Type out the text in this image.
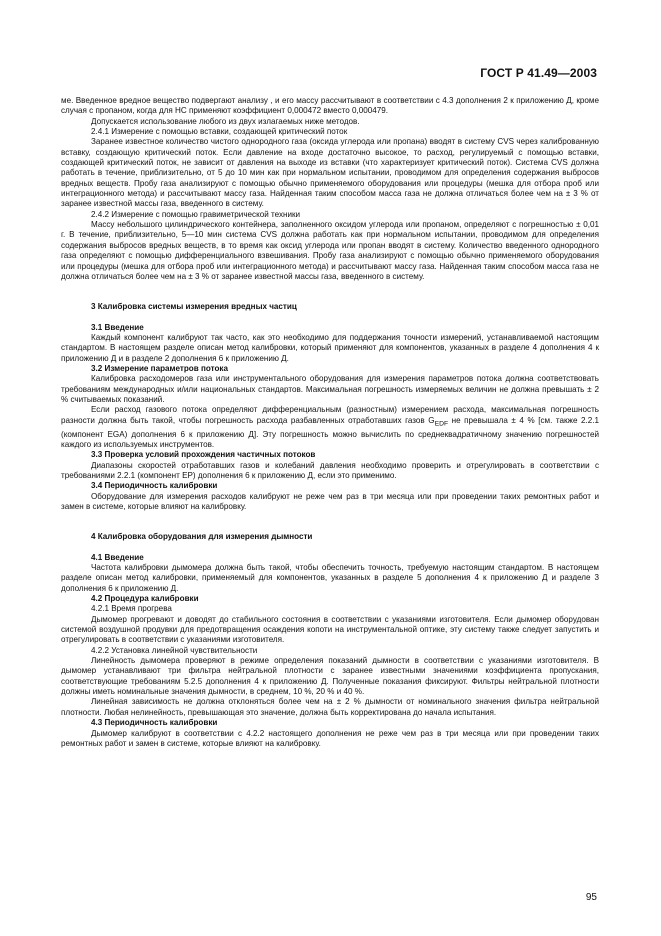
ГОСТ Р 41.49—2003

ме. Введенное вредное вещество подвергают анализу , и его массу рассчитывают в соответствии с 4.3 дополнения 2 к приложению Д, кроме случая с пропаном, когда для НС применяют коэффициент 0,000472 вместо 0,000479.

Допускается использование любого из двух излагаемых ниже методов.

2.4.1 Измерение с помощью вставки, создающей критический поток

Заранее известное количество чистого однородного газа (оксида углерода или пропана) вводят в систему CVS через калиброванную вставку, создающую критический поток. Если давление на входе достаточно высокое, то расход, регулируемый с помощью вставки, создающей критический поток, не зависит от давления на выходе из вставки (что характеризует критический поток). Система CVS должна работать в течение, приблизительно, от 5 до 10 мин как при нормальном испытании, проводимом для определения содержания выбросов вредных веществ. Пробу газа анализируют с помощью обычно применяемого оборудования или процедуры (мешка для отбора проб или интеграционного метода) и рассчитывают массу газа. Найденная таким способом масса газа не должна отличаться более чем на ± 3 % от заранее известной массы газа, введенного в систему.

2.4.2 Измерение с помощью гравиметрической техники

Массу небольшого цилиндрического контейнера, заполненного оксидом углерода или пропаном, определяют с погрешностью ± 0,01 г. В течение, приблизительно, 5—10 мин система CVS должна работать как при нормальном испытании, проводимом для определения содержания выбросов вредных веществ, в то время как оксид углерода или пропан вводят в систему. Количество введенного однородного газа определяют с помощью дифференциального взвешивания. Пробу газа анализируют с помощью обычно применяемого оборудования или процедуры (мешка для отбора проб или интеграционного метода) и рассчитывают массу газа. Найденная таким способом масса газа не должна отличаться более чем на ± 3 % от заранее известной массы газа, введенного в систему.

3 Калибровка системы измерения вредных частиц

3.1 Введение

Каждый компонент калибруют так часто, как это необходимо для поддержания точности измерений, устанавливаемой настоящим стандартом. В настоящем разделе описан метод калибровки, который применяют для компонентов, указанных в разделе 4 дополнения 4 к приложению Д и в разделе 2 дополнения 6 к приложению Д.

3.2 Измерение параметров потока

Калибровка расходомеров газа или инструментального оборудования для измерения параметров потока должна соответствовать требованиям международных и/или национальных стандартов. Максимальная погрешность измеряемых величин не должна превышать ± 2 % считываемых показаний.

Если расход газового потока определяют дифференциальным (разностным) измерением расхода, максимальная погрешность разности должна быть такой, чтобы погрешность расхода разбавленных отработавших газов $G_{EDF}$ не превышала ± 4 % [см. также 2.2.1 (компонент EGA) дополнения 6 к приложению Д]. Эту погрешность можно вычислить по среднеквадратичному значению погрешностей каждого из используемых инструментов.

3.3 Проверка условий прохождения частичных потоков

Диапазоны скоростей отработавших газов и колебаний давления необходимо проверить и отрегулировать в соответствии с требованиями 2.2.1 (компонент EP) дополнения 6 к приложению Д, если это применимо.

3.4 Периодичность калибровки

Оборудование для измерения расходов калибруют не реже чем раз в три месяца или при проведении таких ремонтных работ и замен в системе, которые влияют на калибровку.

4 Калибровка оборудования для измерения дымности

4.1 Введение

Частота калибровки дымомера должна быть такой, чтобы обеспечить точность, требуемую настоящим стандартом. В настоящем разделе описан метод калибровки, применяемый для компонентов, указанных в разделе 5 дополнения 4 к приложению Д и разделе 3 дополнения 6 к приложению Д.

4.2 Процедура калибровки

4.2.1 Время прогрева

Дымомер прогревают и доводят до стабильного состояния в соответствии с указаниями изготовителя. Если дымомер оборудован системой воздушной продувки для предотвращения осаждения копоти на инструментальной оптике, эту систему также следует запустить и отрегулировать в соответствии с указаниями изготовителя.

4.2.2 Установка линейной чувствительности

Линейность дымомера проверяют в режиме определения показаний дымности в соответствии с указаниями изготовителя. В дымомер устанавливают три фильтра нейтральной плотности с заранее известными значениями коэффициента пропускания, соответствующие требованиям 5.2.5 дополнения 4 к приложению Д. Полученные показания фиксируют. Фильтры нейтральной плотности должны иметь номинальные значения дымности, в среднем, 10 %, 20 % и 40 %.

Линейная зависимость не должна отклоняться более чем на ± 2 % дымности от номинального значения фильтра нейтральной плотности. Любая нелинейность, превышающая это значение, должна быть корректирована до начала испытания.

4.3 Периодичность калибровки

Дымомер калибруют в соответствии с 4.2.2 настоящего дополнения не реже чем раз в три месяца или при проведении таких ремонтных работ и замен в системе, которые влияют на калибровку.

95
